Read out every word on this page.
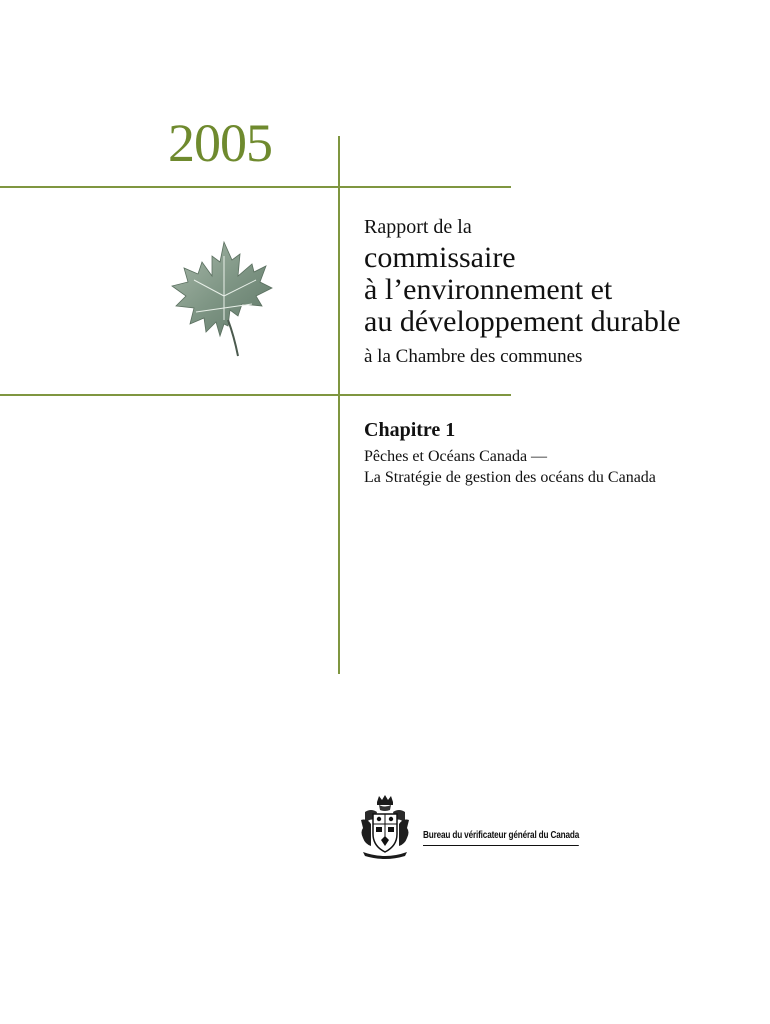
2005
Rapport de la
commissaire
à l’environnement et
au développement durable
à la Chambre des communes
Chapitre 1
Pêches et Océans Canada —
La Stratégie de gestion des océans du Canada
Bureau du vérificateur général du Canada
